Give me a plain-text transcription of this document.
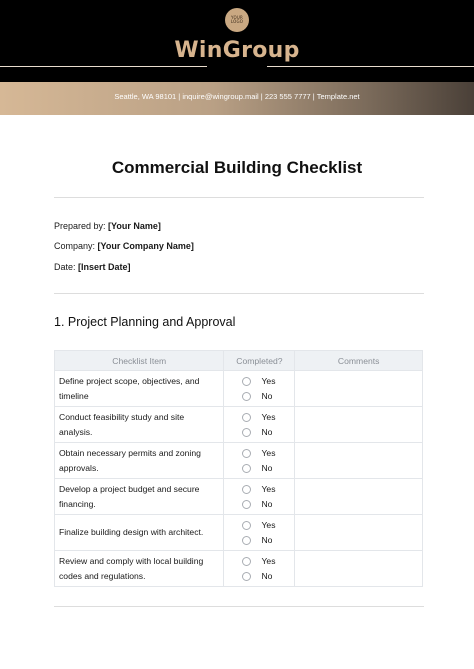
YOUR
LOGO
WinGroup
Seattle, WA 98101 | inquire@wingroup.mail | 223 555 7777 | Template.net
Commercial Building Checklist
Prepared by: [Your Name]
Company: [Your Company Name]
Date: [Insert Date]
1. Project Planning and Approval
Checklist Item	Completed?	Comments
Define project scope, objectives, and timeline	Yes
No	

Conduct feasibility study and site analysis.	Yes
No	

Obtain necessary permits and zoning approvals.	Yes
No	

Develop a project budget and secure financing.	Yes
No	

Finalize building design with architect.	Yes
No	

Review and comply with local building codes and regulations.	Yes
No	
